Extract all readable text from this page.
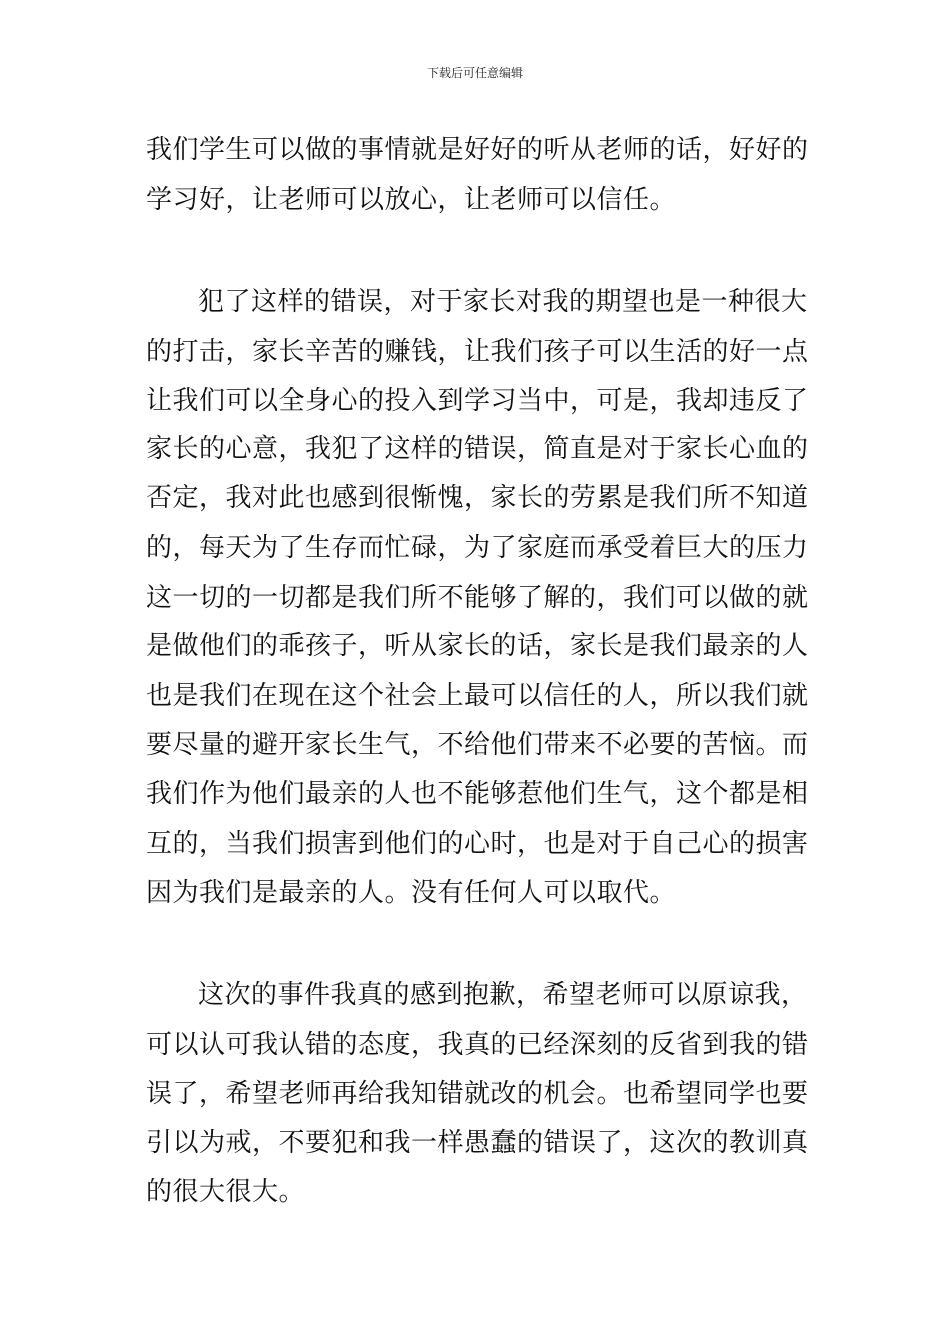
下载后可任意编辑
我们学生可以做的事情就是好好的听从老师的话，好好的
学习好，让老师可以放心，让老师可以信任。
犯了这样的错误，对于家长对我的期望也是一种很大
的打击，家长辛苦的赚钱，让我们孩子可以生活的好一点
让我们可以全身心的投入到学习当中，可是，我却违反了
家长的心意，我犯了这样的错误，简直是对于家长心血的
否定，我对此也感到很惭愧，家长的劳累是我们所不知道
的，每天为了生存而忙碌，为了家庭而承受着巨大的压力
这一切的一切都是我们所不能够了解的，我们可以做的就
是做他们的乖孩子，听从家长的话，家长是我们最亲的人
也是我们在现在这个社会上最可以信任的人，所以我们就
要尽量的避开家长生气，不给他们带来不必要的苦恼。而
我们作为他们最亲的人也不能够惹他们生气，这个都是相
互的，当我们损害到他们的心时，也是对于自己心的损害
因为我们是最亲的人。没有任何人可以取代。
这次的事件我真的感到抱歉，希望老师可以原谅我，
可以认可我认错的态度，我真的已经深刻的反省到我的错
误了，希望老师再给我知错就改的机会。也希望同学也要
引以为戒，不要犯和我一样愚蠢的错误了，这次的教训真
的很大很大。
